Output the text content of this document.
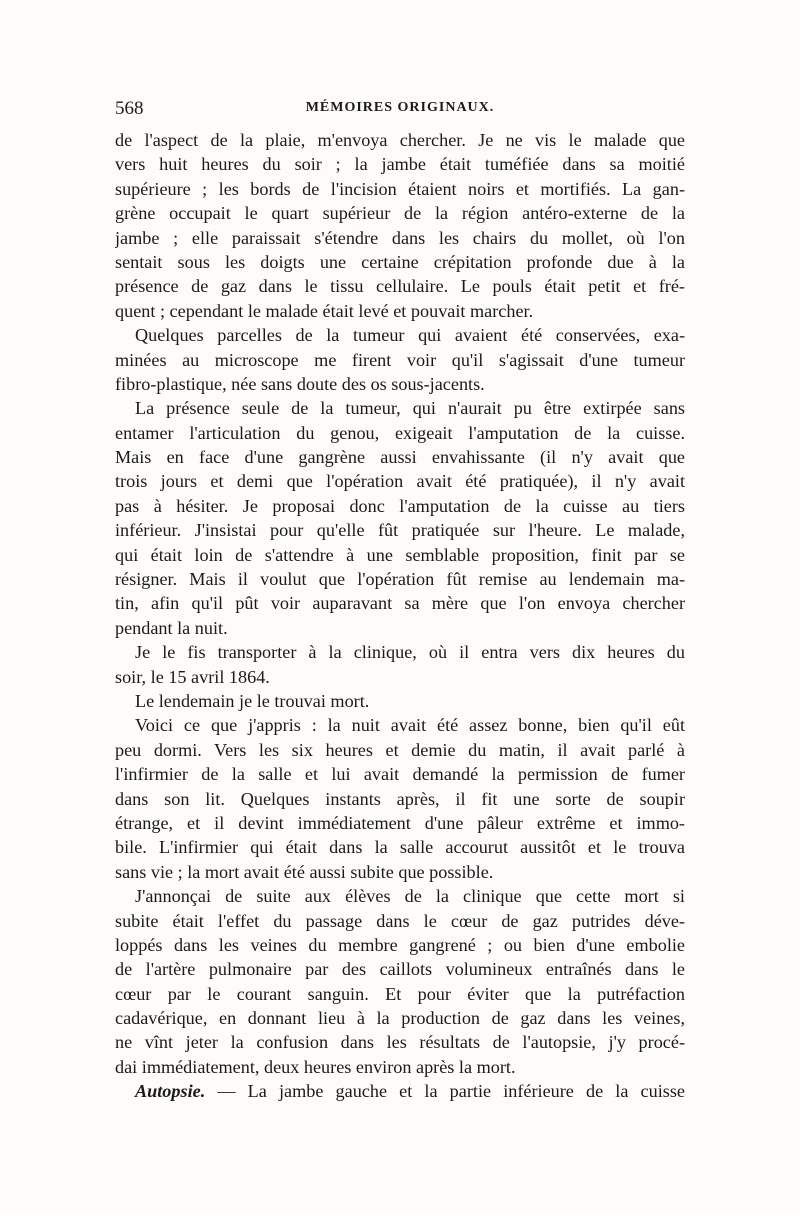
568	MÉMOIRES ORIGINAUX.
de l'aspect de la plaie, m'envoya chercher. Je ne vis le malade que
vers huit heures du soir ; la jambe était tuméfiée dans sa moitié
supérieure ; les bords de l'incision étaient noirs et mortifiés. La gan-
grène occupait le quart supérieur de la région antéro-externe de la
jambe ; elle paraissait s'étendre dans les chairs du mollet, où l'on
sentait sous les doigts une certaine crépitation profonde due à la
présence de gaz dans le tissu cellulaire. Le pouls était petit et fré-
quent ; cependant le malade était levé et pouvait marcher.
Quelques parcelles de la tumeur qui avaient été conservées, exa-
minées au microscope me firent voir qu'il s'agissait d'une tumeur
fibro-plastique, née sans doute des os sous-jacents.
La présence seule de la tumeur, qui n'aurait pu être extirpée sans
entamer l'articulation du genou, exigeait l'amputation de la cuisse.
Mais en face d'une gangrène aussi envahissante (il n'y avait que
trois jours et demi que l'opération avait été pratiquée), il n'y avait
pas à hésiter. Je proposai donc l'amputation de la cuisse au tiers
inférieur. J'insistai pour qu'elle fût pratiquée sur l'heure. Le malade,
qui était loin de s'attendre à une semblable proposition, finit par se
résigner. Mais il voulut que l'opération fût remise au lendemain ma-
tin, afin qu'il pût voir auparavant sa mère que l'on envoya chercher
pendant la nuit.
Je le fis transporter à la clinique, où il entra vers dix heures du
soir, le 15 avril 1864.
Le lendemain je le trouvai mort.
Voici ce que j'appris : la nuit avait été assez bonne, bien qu'il eût
peu dormi. Vers les six heures et demie du matin, il avait parlé à
l'infirmier de la salle et lui avait demandé la permission de fumer
dans son lit. Quelques instants après, il fit une sorte de soupir
étrange, et il devint immédiatement d'une pâleur extrême et immo-
bile. L'infirmier qui était dans la salle accourut aussitôt et le trouva
sans vie ; la mort avait été aussi subite que possible.
J'annonçai de suite aux élèves de la clinique que cette mort si
subite était l'effet du passage dans le cœur de gaz putrides déve-
loppés dans les veines du membre gangrené ; ou bien d'une embolie
de l'artère pulmonaire par des caillots volumineux entraînés dans le
cœur par le courant sanguin. Et pour éviter que la putréfaction
cadavérique, en donnant lieu à la production de gaz dans les veines,
ne vînt jeter la confusion dans les résultats de l'autopsie, j'y procé-
dai immédiatement, deux heures environ après la mort.
Autopsie. — La jambe gauche et la partie inférieure de la cuisse
